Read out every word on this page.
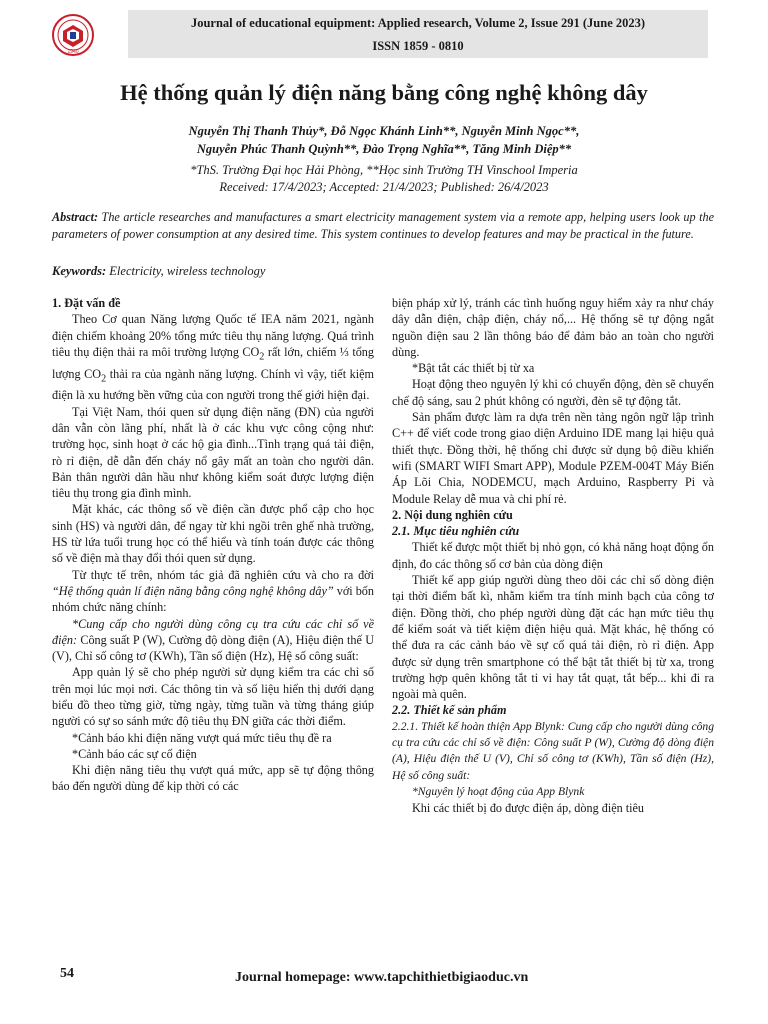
1940
Journal of educational equipment: Applied research, Volume 2, Issue 291 (June 2023)
ISSN 1859 - 0810
Hệ thống quản lý điện năng bằng công nghệ không dây
Nguyễn Thị Thanh Thủy*, Đỗ Ngọc Khánh Linh**, Nguyễn Minh Ngọc**,
Nguyễn Phúc Thanh Quỳnh**, Đào Trọng Nghĩa**, Tăng Minh Diệp**
*ThS. Trường Đại học Hải Phòng, **Học sinh Trường TH Vinschool Imperia
Received: 17/4/2023; Accepted: 21/4/2023; Published: 26/4/2023
Abstract: The article researches and manufactures a smart electricity management system via a remote app, helping users look up the parameters of power consumption at any desired time. This system continues to develop features and may be practical in the future.
Keywords: Electricity, wireless technology

1. Đặt vấn đề

Theo Cơ quan Năng lượng Quốc tế IEA năm 2021, ngành điện chiếm khoảng 20% tổng mức tiêu thụ năng lượng. Quá trình tiêu thụ điện thải ra môi trường lượng $CO_2$ rất lớn, chiếm ⅓ tổng lượng $CO_2$ thải ra của ngành năng lượng. Chính vì vậy, tiết kiệm điện là xu hướng bền vững của con người trong thế giới hiện đại.

Tại Việt Nam, thói quen sử dụng điện năng (ĐN) của người dân vẫn còn lãng phí, nhất là ở các khu vực công cộng như: trường học, sinh hoạt ở các hộ gia đình...Tình trạng quá tải điện, rò rỉ điện, dễ dẫn đến cháy nổ gây mất an toàn cho người dân. Bản thân người dân hầu như không kiểm soát được lượng điện tiêu thụ trong gia đình mình.

Mặt khác, các thông số về điện cần được phổ cập cho học sinh (HS) và người dân, để ngay từ khi ngồi trên ghế nhà trường, HS từ lứa tuổi trung học có thể hiểu và tính toán được các thông số về điện mà thay đổi thói quen sử dụng.

Từ thực tế trên, nhóm tác giả đã nghiên cứu và cho ra đời “Hệ thống quản lí điện năng bằng công nghệ không dây” với bốn nhóm chức năng chính:

*Cung cấp cho người dùng công cụ tra cứu các chỉ số về điện: Công suất P (W), Cường độ dòng điện (A), Hiệu điện thế U (V), Chỉ số công tơ (KWh), Tần số điện (Hz), Hệ số công suất:

App quản lý sẽ cho phép người sử dụng kiểm tra các chỉ số trên mọi lúc mọi nơi. Các thông tin và số liệu hiển thị dưới dạng biểu đồ theo từng giờ, từng ngày, từng tuần và từng tháng giúp người có sự so sánh mức độ tiêu thụ ĐN giữa các thời điểm.

*Cảnh báo khi điện năng vượt quá mức tiêu thụ đề ra

*Cảnh báo các sự cố điện

Khi điện năng tiêu thụ vượt quá mức, app sẽ tự động thông báo đến người dùng để kịp thời có các

biện pháp xử lý, tránh các tình huống nguy hiểm xảy ra như cháy dây dẫn điện, chập điện, cháy nổ,... Hệ thống sẽ tự động ngắt nguồn điện sau 2 lần thông báo để đảm bảo an toàn cho người dùng.

*Bật tắt các thiết bị từ xa

Hoạt động theo nguyên lý khi có chuyển động, đèn sẽ chuyển chế độ sáng, sau 2 phút không có người, đèn sẽ tự động tắt.

Sản phẩm được làm ra dựa trên nền tảng ngôn ngữ lập trình C++ để viết code trong giao diện Arduino IDE mang lại hiệu quả thiết thực. Đồng thời, hệ thống chỉ được sử dụng bộ điều khiển wifi (SMART WIFI Smart APP), Module PZEM-004T Máy Biến Áp Lõi Chia, NODEMCU, mạch Arduino, Raspberry Pi và Module Relay dễ mua và chi phí rẻ.

2. Nội dung nghiên cứu

2.1. Mục tiêu nghiên cứu

Thiết kế được một thiết bị nhỏ gọn, có khả năng hoạt động ổn định, đo các thông số cơ bản của dòng điện

Thiết kế app giúp người dùng theo dõi các chỉ số dòng điện tại thời điểm bất kì, nhằm kiểm tra tính minh bạch của công tơ điện. Đồng thời, cho phép người dùng đặt các hạn mức tiêu thụ để kiểm soát và tiết kiệm điện hiệu quả. Mặt khác, hệ thống có thể đưa ra các cảnh báo về sự cố quá tải điện, rò rỉ điện. App được sử dụng trên smartphone có thể bật tắt thiết bị từ xa, trong trường hợp quên không tắt ti vi hay tắt quạt, tắt bếp... khi đi ra ngoài mà quên.

2.2. Thiết kế sản phẩm

2.2.1. Thiết kế hoàn thiện App Blynk: Cung cấp cho người dùng công cụ tra cứu các chỉ số về điện: Công suất P (W), Cường độ dòng điện (A), Hiệu điện thế U (V), Chỉ số công tơ (KWh), Tần số điện (Hz), Hệ số công suất:

*Nguyên lý hoạt động của App Blynk

Khi các thiết bị đo được điện áp, dòng điện tiêu

54	Journal homepage: www.tapchithietbigiaoduc.vn
